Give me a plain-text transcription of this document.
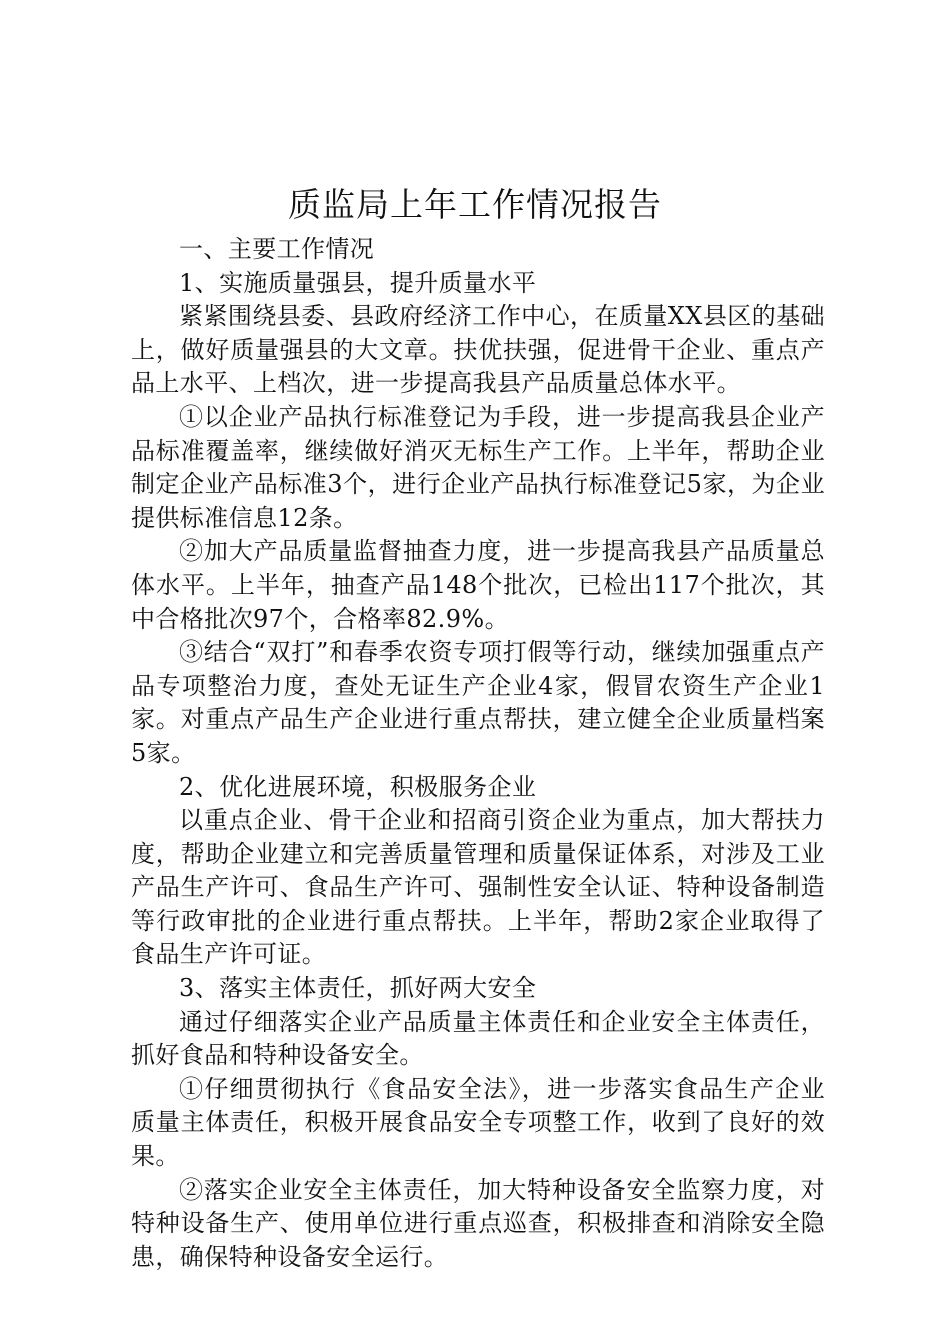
质监局上年工作情况报告

一、主要工作情况

1、实施质量强县，提升质量水平

紧紧围绕县委、县政府经济工作中心，在质量XX县区的基础上，做好质量强县的大文章。扶优扶强，促进骨干企业、重点产品上水平、上档次，进一步提高我县产品质量总体水平。

①以企业产品执行标准登记为手段，进一步提高我县企业产品标准覆盖率，继续做好消灭无标生产工作。上半年，帮助企业制定企业产品标准3个，进行企业产品执行标准登记5家，为企业提供标准信息12条。

②加大产品质量监督抽查力度，进一步提高我县产品质量总体水平。上半年，抽查产品148个批次，已检出117个批次，其中合格批次97个，合格率82.9%。

③结合“双打”和春季农资专项打假等行动，继续加强重点产品专项整治力度，查处无证生产企业4家，假冒农资生产企业1家。对重点产品生产企业进行重点帮扶，建立健全企业质量档案5家。

2、优化进展环境，积极服务企业

以重点企业、骨干企业和招商引资企业为重点，加大帮扶力度，帮助企业建立和完善质量管理和质量保证体系，对涉及工业产品生产许可、食品生产许可、强制性安全认证、特种设备制造等行政审批的企业进行重点帮扶。上半年，帮助2家企业取得了食品生产许可证。

3、落实主体责任，抓好两大安全

通过仔细落实企业产品质量主体责任和企业安全主体责任，抓好食品和特种设备安全。

①仔细贯彻执行《食品安全法》，进一步落实食品生产企业质量主体责任，积极开展食品安全专项整工作，收到了良好的效果。

②落实企业安全主体责任，加大特种设备安全监察力度，对特种设备生产、使用单位进行重点巡查，积极排查和消除安全隐患，确保特种设备安全运行。
